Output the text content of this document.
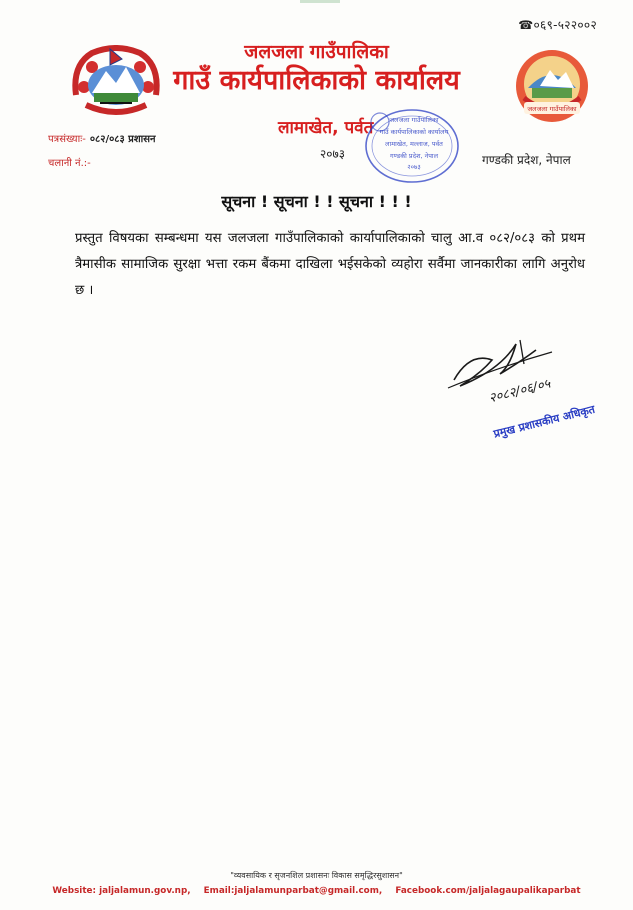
☎०६९-५२२००२
जलजला गाउँपालिका
जलजला गाउँपालिका
गाउँ कार्यपालिकाको कार्यालय
लामाखेत, पर्वत
२०७३	गण्डकी प्रदेश, नेपाल
पत्रसंख्याः- ०८२/०८३ प्रशासन
चलानी नं.:-
जलजला गाउँपालिका
गाउँ कार्यपालिकाको कार्यालय
लामाखेत, मल्लाज, पर्वत
गण्डकी प्रदेश, नेपाल
२०७३
सूचना ! सूचना ! ! सूचना ! ! !
प्रस्तुत विषयका सम्बन्धमा यस जलजला गाउँपालिकाको कार्यापालिकाको चालु आ.व ०८२/०८३ को प्रथम त्रैमासीक सामाजिक सुरक्षा भत्ता रकम बैंकमा दाखिला भईसकेको व्यहोरा सर्वैमा जानकारीका लागि अनुरोध छ ।
२०८२/०६/०५
प्रमुख प्रशासकीय अधिकृत
"व्यवसायिक र सृजनशिल प्रशासनः विकास समृद्धिरसुशासन"
Website: jaljalamun.gov.np, Email:jaljalamunparbat@gmail.com, Facebook.com/jaljalagaupalikaparbat
